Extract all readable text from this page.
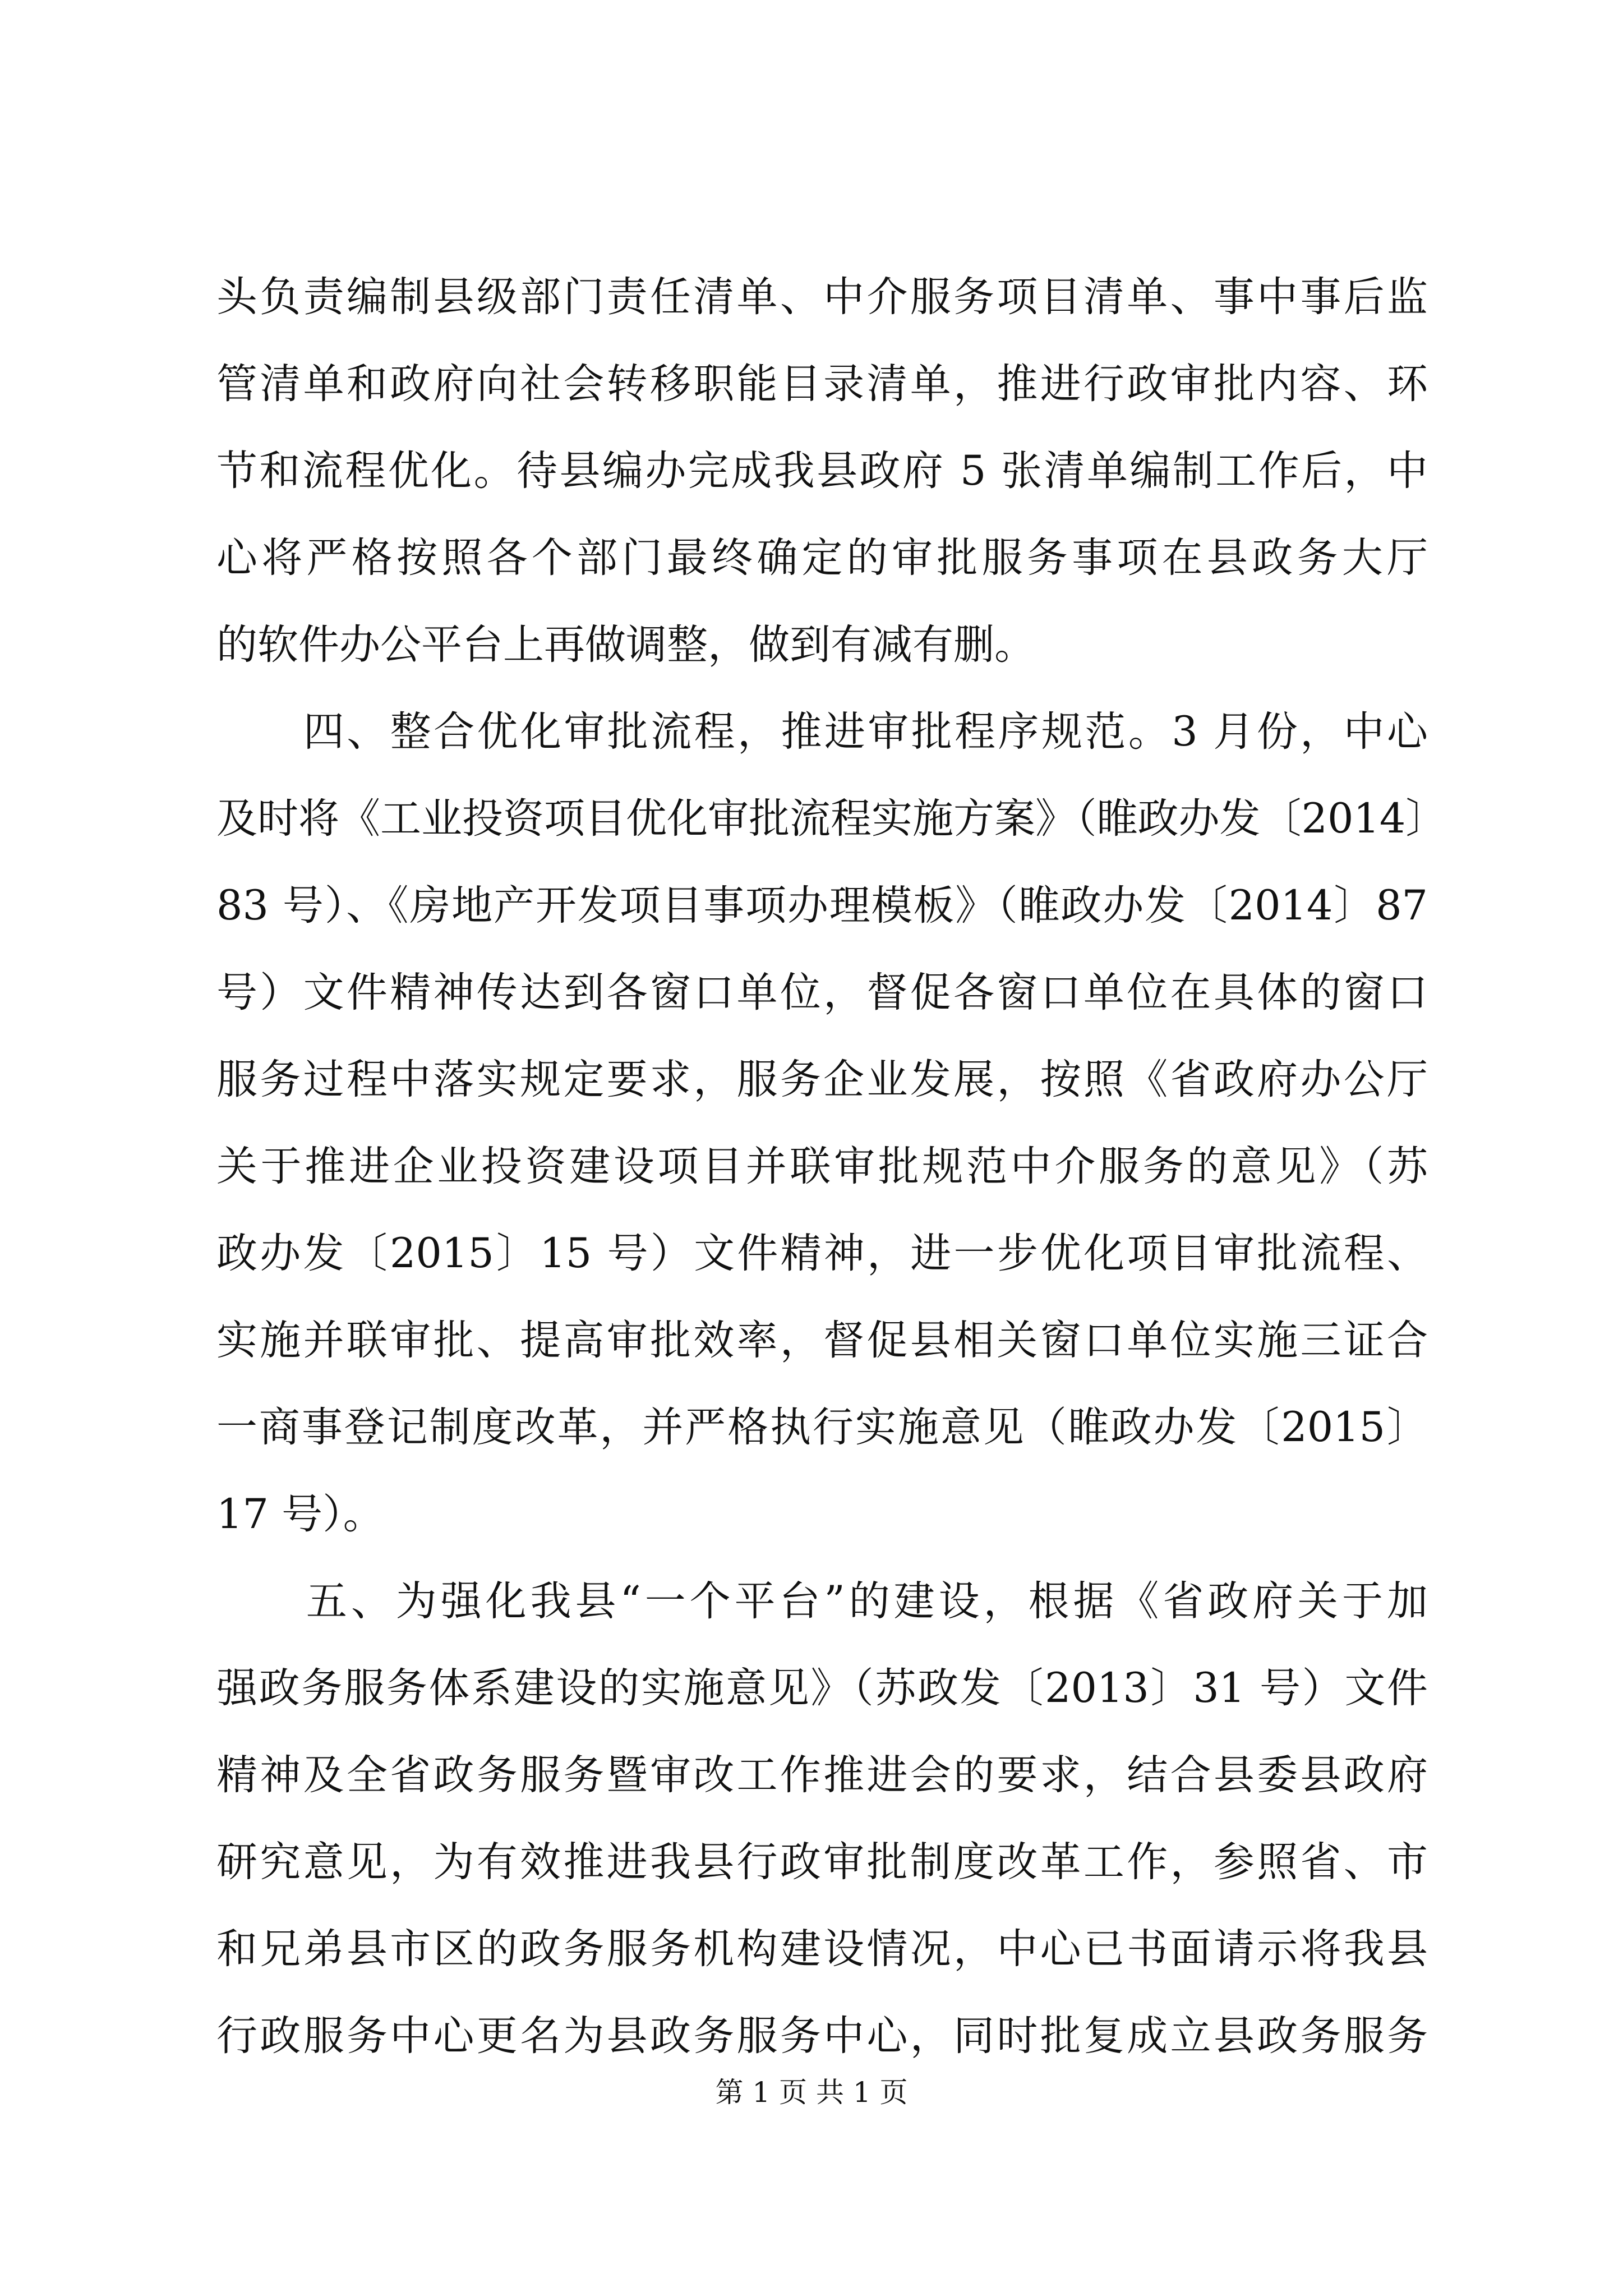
头负责编制县级部门责任清单、中介服务项目清单、事中事后监
管清单和政府向社会转移职能目录清单，推进行政审批内容、环
节和流程优化。待县编办完成我县政府 5 张清单编制工作后，中
心将严格按照各个部门最终确定的审批服务事项在县政务大厅
的软件办公平台上再做调整，做到有减有删。
　　四、整合优化审批流程，推进审批程序规范。3 月份，中心
及时将《工业投资项目优化审批流程实施方案》（睢政办发〔2014〕
83 号）、《房地产开发项目事项办理模板》（睢政办发〔2014〕87
号）文件精神传达到各窗口单位，督促各窗口单位在具体的窗口
服务过程中落实规定要求，服务企业发展，按照《省政府办公厅
关于推进企业投资建设项目并联审批规范中介服务的意见》（苏
政办发〔2015〕15 号）文件精神，进一步优化项目审批流程、
实施并联审批、提高审批效率，督促县相关窗口单位实施三证合
一商事登记制度改革，并严格执行实施意见（睢政办发〔2015〕
17 号）。
　　五、为强化我县“一个平台”的建设，根据《省政府关于加
强政务服务体系建设的实施意见》（苏政发〔2013〕31 号）文件
精神及全省政务服务暨审改工作推进会的要求，结合县委县政府
研究意见，为有效推进我县行政审批制度改革工作，参照省、市
和兄弟县市区的政务服务机构建设情况，中心已书面请示将我县
行政服务中心更名为县政务服务中心，同时批复成立县政务服务
第 1 页 共 1 页
